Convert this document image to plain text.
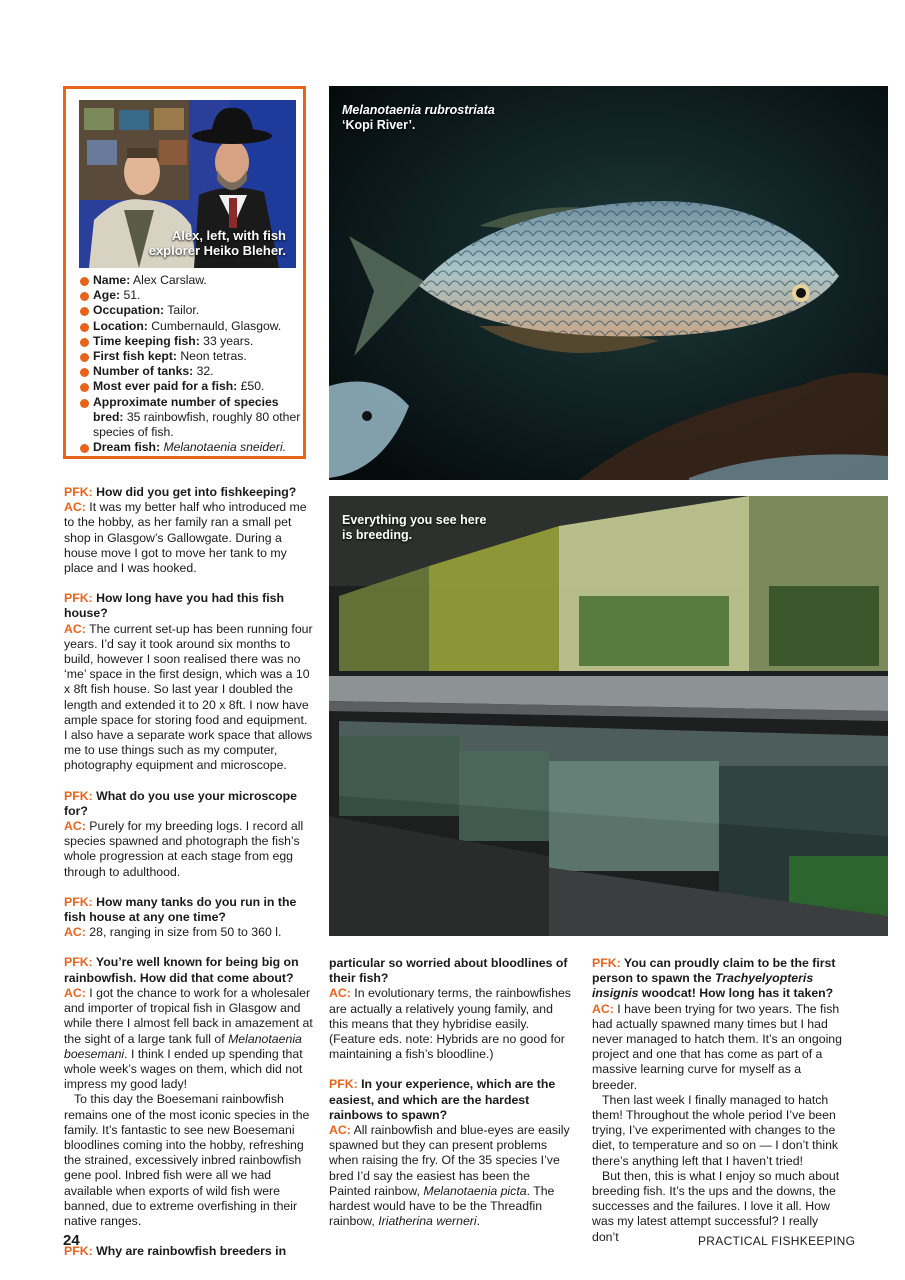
Alex, left, with fish
explorer Heiko Bleher.
Name: Alex Carslaw.
Age: 51.
Occupation: Tailor.
Location: Cumbernauld, Glasgow.
Time keeping fish: 33 years.
First fish kept: Neon tetras.
Number of tanks: 32.
Most ever paid for a fish: £50.
Approximate number of species bred: 35 rainbowfish, roughly 80 other species of fish.
Dream fish: Melanotaenia sneideri.
Melanotaenia rubrostriata
‘Kopi River’.
Everything you see here
is breeding.

PFK: How did you get into fishkeeping?

AC: It was my better half who introduced me to the hobby, as her family ran a small pet shop in Glasgow’s Gallowgate. During a house move I got to move her tank to my place and I was hooked.

PFK: How long have you had this fish house?

AC: The current set-up has been running four years. I’d say it took around six months to build, however I soon realised there was no ‘me’ space in the first design, which was a 10 x 8ft fish house. So last year I doubled the length and extended it to 20 x 8ft. I now have ample space for storing food and equipment. I also have a separate work space that allows me to use things such as my computer, photography equipment and microscope.

PFK: What do you use your microscope for?

AC: Purely for my breeding logs. I record all species spawned and photograph the fish’s whole progression at each stage from egg through to adulthood.

PFK: How many tanks do you run in the fish house at any one time?

AC: 28, ranging in size from 50 to 360 l.

PFK: You’re well known for being big on rainbowfish. How did that come about?

AC: I got the chance to work for a wholesaler and importer of tropical fish in Glasgow and while there I almost fell back in amazement at the sight of a large tank full of Melanotaenia boesemani. I think I ended up spending that whole week’s wages on them, which did not impress my good lady!

To this day the Boesemani rainbowfish remains one of the most iconic species in the family. It’s fantastic to see new Boesemani bloodlines coming into the hobby, refreshing the strained, excessively inbred rainbowfish gene pool. Inbred fish were all we had available when exports of wild fish were banned, due to extreme overfishing in their native ranges.

PFK: Why are rainbowfish breeders in

particular so worried about bloodlines of their fish?

AC: In evolutionary terms, the rainbowfishes are actually a relatively young family, and this means that they hybridise easily. (Feature eds. note: Hybrids are no good for maintaining a fish’s bloodline.)

PFK: In your experience, which are the easiest, and which are the hardest rainbows to spawn?

AC: All rainbowfish and blue-eyes are easily spawned but they can present problems when raising the fry. Of the 35 species I’ve bred I’d say the easiest has been the Painted rainbow, Melanotaenia picta. The hardest would have to be the Threadfin rainbow, Iriatherina werneri.

PFK: You can proudly claim to be the first person to spawn the Trachyelyopteris insignis woodcat! How long has it taken?

AC: I have been trying for two years. The fish had actually spawned many times but I had never managed to hatch them. It’s an ongoing project and one that has come as part of a massive learning curve for myself as a breeder.

Then last week I finally managed to hatch them! Throughout the whole period I’ve been trying, I’ve experimented with changes to the diet, to temperature and so on — I don’t think there’s anything left that I haven’t tried!

But then, this is what I enjoy so much about breeding fish. It’s the ups and the downs, the successes and the failures. I love it all. How was my latest attempt successful? I really don’t

24	PRACTICAL FISHKEEPING
